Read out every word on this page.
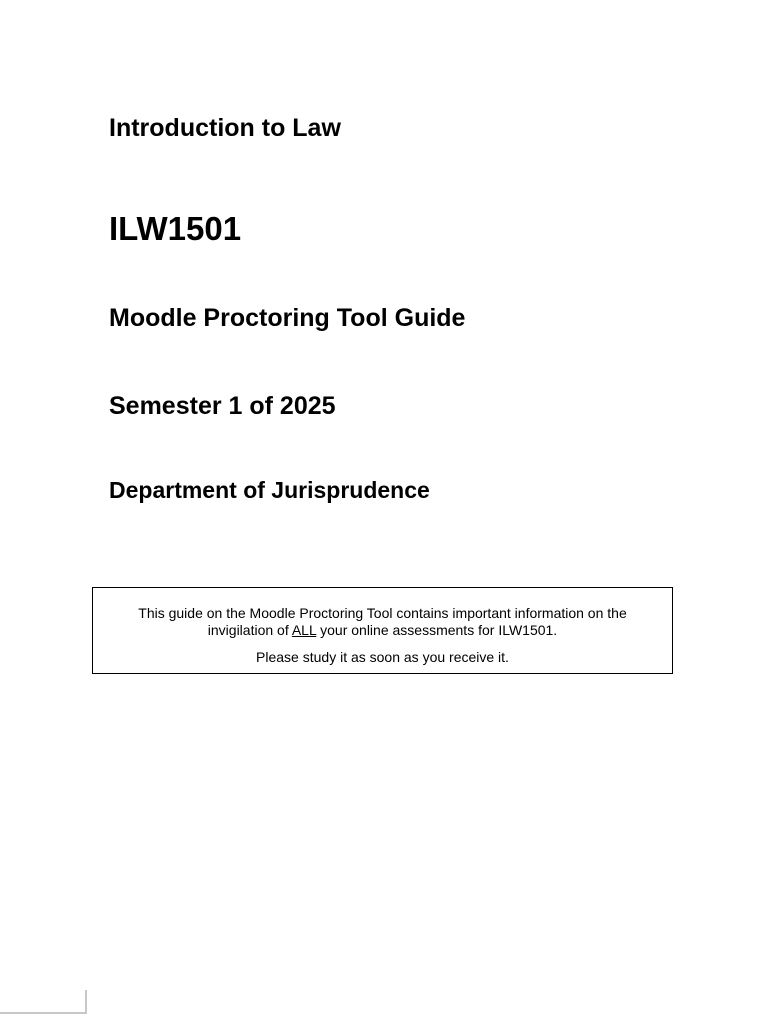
Introduction to Law
ILW1501
Moodle Proctoring Tool Guide
Semester 1 of 2025
Department of Jurisprudence

This guide on the Moodle Proctoring Tool contains important information on the invigilation of ALL your online assessments for ILW1501.

Please study it as soon as you receive it.
